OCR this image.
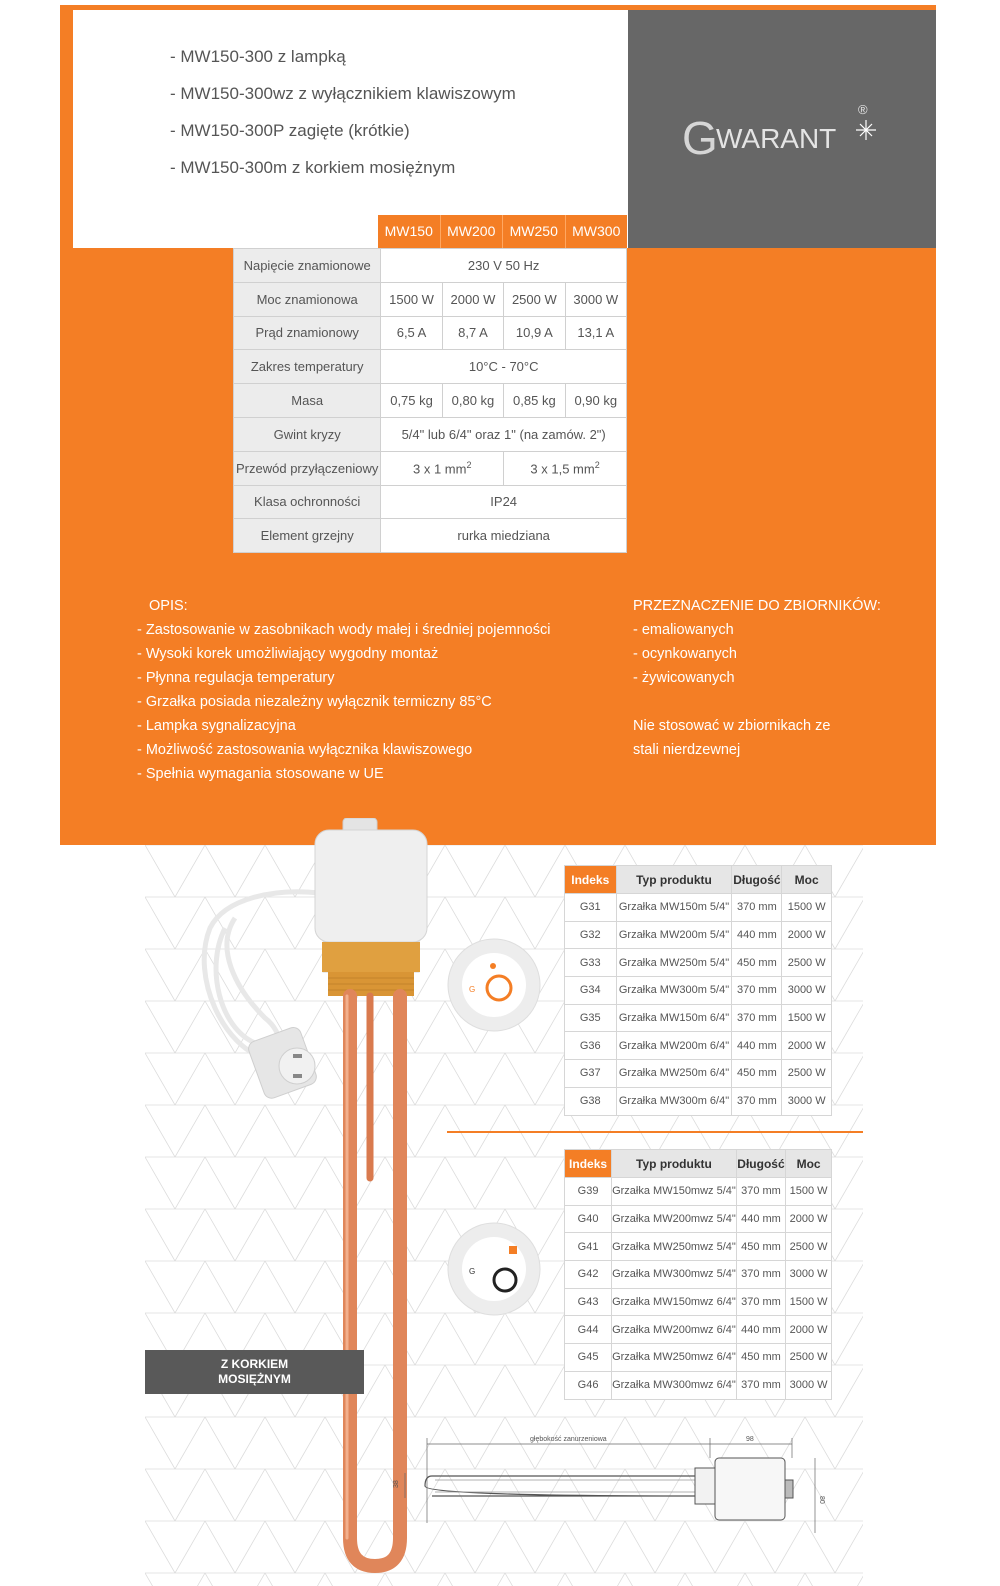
- MW150-300 z lampką
- MW150-300wz z wyłącznikiem klawiszowym
- MW150-300P zagięte (krótkie)
- MW150-300m z korkiem mosiężnym
G
WARANT
®
MW150	MW200	MW250	MW300
Napięcie znamionowe	230 V 50 Hz			
Moc znamionowa	1500 W	2000 W	2500 W	3000 W
Prąd znamionowy	6,5 A	8,7 A	10,9 A	13,1 A
Zakres temperatury	10°C - 70°C			
Masa	0,75 kg	0,80 kg	0,85 kg	0,90 kg
Gwint kryzy	5/4" lub 6/4" oraz 1" (na zamów. 2")			
Przewód przyłączeniowy	3 x 1 $mm^2$		3 x 1,5 $mm^2$
Klasa ochronności	IP24			
Element grzejny	rurka miedziana			
OPIS:
- Zastosowanie w zasobnikach wody małej i średniej pojemności
- Wysoki korek umożliwiający wygodny montaż
- Płynna regulacja temperatury
- Grzałka posiada niezależny wyłącznik termiczny 85°C
- Lampka sygnalizacyjna
- Możliwość zastosowania wyłącznika klawiszowego
- Spełnia wymagania stosowane w UE
PRZEZNACZENIE DO ZBIORNIKÓW:
- emaliowanych
- ocynkowanych
- żywicowanych
Nie stosować w zbiornikach ze
stali nierdzewnej
G
G
Indeks	Typ produktu	Długość	Moc
G31	Grzałka MW150m 5/4"	370 mm	1500 W
G32	Grzałka MW200m 5/4"	440 mm	2000 W
G33	Grzałka MW250m 5/4"	450 mm	2500 W
G34	Grzałka MW300m 5/4"	370 mm	3000 W
G35	Grzałka MW150m 6/4"	370 mm	1500 W
G36	Grzałka MW200m 6/4"	440 mm	2000 W
G37	Grzałka MW250m 6/4"	450 mm	2500 W
G38	Grzałka MW300m 6/4"	370 mm	3000 W
Indeks	Typ produktu	Długość	Moc
G39	Grzałka MW150mwz 5/4"	370 mm	1500 W
G40	Grzałka MW200mwz 5/4"	440 mm	2000 W
G41	Grzałka MW250mwz 5/4"	450 mm	2500 W
G42	Grzałka MW300mwz 5/4"	370 mm	3000 W
G43	Grzałka MW150mwz 6/4"	370 mm	1500 W
G44	Grzałka MW200mwz 6/4"	440 mm	2000 W
G45	Grzałka MW250mwz 6/4"	450 mm	2500 W
G46	Grzałka MW300mwz 6/4"	370 mm	3000 W
Z KORKIEM
MOSIĘŻNYM
głębokość zanurzeniowa	98
38
80
